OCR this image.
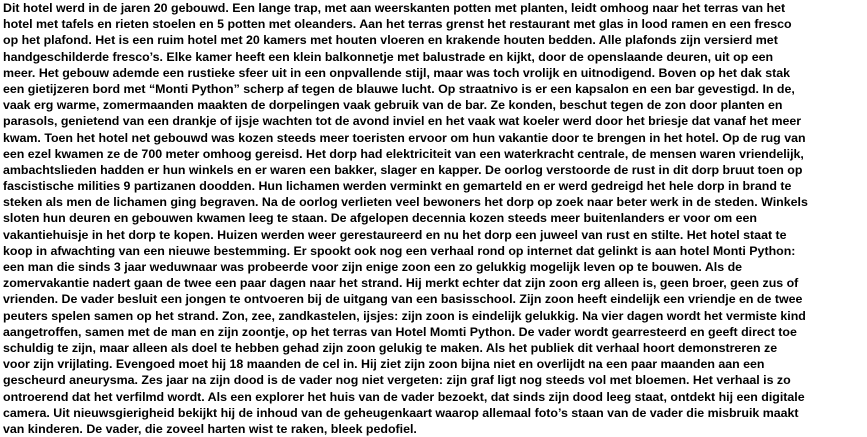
Dit hotel werd in de jaren 20 gebouwd. Een lange trap, met aan weerskanten potten met planten, leidt omhoog naar het terras van het
hotel met tafels en rieten stoelen en 5 potten met oleanders. Aan het terras grenst het restaurant met glas in lood ramen en een fresco
op het plafond. Het is een ruim hotel met 20 kamers met houten vloeren en krakende houten bedden. Alle plafonds zijn versierd met
handgeschilderde fresco’s. Elke kamer heeft een klein balkonnetje met balustrade en kijkt, door de openslaande deuren, uit op een
meer. Het gebouw ademde een rustieke sfeer uit in een onpvallende stijl, maar was toch vrolijk en uitnodigend. Boven op het dak stak
een gietijzeren bord met “Monti Python” scherp af tegen de blauwe lucht. Op straatnivo is er een kapsalon en een bar gevestigd. In de,
vaak erg warme, zomermaanden maakten de dorpelingen vaak gebruik van de bar. Ze konden, beschut tegen de zon door planten en
parasols, genietend van een drankje of ijsje wachten tot de avond inviel en het vaak wat koeler werd door het briesje dat vanaf het meer
kwam. Toen het hotel net gebouwd was kozen steeds meer toeristen ervoor om hun vakantie door te brengen in het hotel. Op de rug van
een ezel kwamen ze de 700 meter omhoog gereisd. Het dorp had elektriciteit van een waterkracht centrale, de mensen waren vriendelijk,
ambachtslieden hadden er hun winkels en er waren een bakker, slager en kapper. De oorlog verstoorde de rust in dit dorp bruut toen op
fascistische milities 9 partizanen doodden. Hun lichamen werden verminkt en gemarteld en er werd gedreigd het hele dorp in brand te
steken als men de lichamen ging begraven. Na de oorlog verlieten veel bewoners het dorp op zoek naar beter werk in de steden. Winkels
sloten hun deuren en gebouwen kwamen leeg te staan. De afgelopen decennia kozen steeds meer buitenlanders er voor om een
vakantiehuisje in het dorp te kopen. Huizen werden weer gerestaureerd en nu het dorp een juweel van rust en stilte. Het hotel staat te
koop in afwachting van een nieuwe bestemming. Er spookt ook nog een verhaal rond op internet dat gelinkt is aan hotel Monti Python:
een man die sinds 3 jaar weduwnaar was probeerde voor zijn enige zoon een zo gelukkig mogelijk leven op te bouwen. Als de
zomervakantie nadert gaan de twee een paar dagen naar het strand. Hij merkt echter dat zijn zoon erg alleen is, geen broer, geen zus of
vrienden. De vader besluit een jongen te ontvoeren bij de uitgang van een basisschool. Zijn zoon heeft eindelijk een vriendje en de twee
peuters spelen samen op het strand. Zon, zee, zandkastelen, ijsjes: zijn zoon is eindelijk gelukkig. Na vier dagen wordt het vermiste kind
aangetroffen, samen met de man en zijn zoontje, op het terras van Hotel Momti Python. De vader wordt gearresteerd en geeft direct toe
schuldig te zijn, maar alleen als doel te hebben gehad zijn zoon gelukig te maken. Als het publiek dit verhaal hoort demonstreren ze
voor zijn vrijlating. Evengoed moet hij 18 maanden de cel in. Hij ziet zijn zoon bijna niet en overlijdt na een paar maanden aan een
gescheurd aneurysma. Zes jaar na zijn dood is de vader nog niet vergeten: zijn graf ligt nog steeds vol met bloemen. Het verhaal is zo
ontroerend dat het verfilmd wordt. Als een explorer het huis van de vader bezoekt, dat sinds zijn dood leeg staat, ontdekt hij een digitale
camera. Uit nieuwsgierigheid bekijkt hij de inhoud van de geheugenkaart waarop allemaal foto’s staan van de vader die misbruik maakt
van kinderen. De vader, die zoveel harten wist te raken, bleek pedofiel.
